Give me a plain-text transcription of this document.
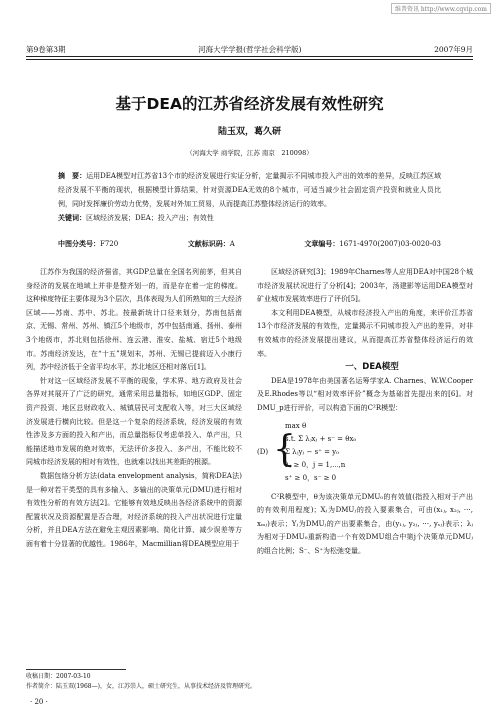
维普资讯 http://www.cqvip.com
第9卷第3期	河海大学学报(哲学社会科学版)	2007年9月
基于DEA的江苏省经济发展有效性研究
陆玉双，葛久研
（河海大学 商学院，江苏 南京　210098）
摘　要：运用DEA模型对江苏省13个市的经济发展进行实证分析，定量揭示不同城市投入产出的效率的差异，反映江苏区域经济发展不平衡的现状，根据模型计算结果，针对资源DEA无效的8个城市，可适当减少社会固定资产投资和就业人员比例，同时发挥廉价劳动力优势，发展对外加工贸易，从而提高江苏整体经济运行的效率。
关键词：区域经济发展；DEA；投入产出；有效性
中图分类号：F720	文献标识码：A	文章编号：1671-4970(2007)03-0020-03

江苏作为我国的经济强省，其GDP总量在全国名列前茅，但其自身经济的发展在地域上并非是整齐划一的，而是存在着一定的梯度。这种梯度特征主要体现为3个层次，具体表现为人们所熟知的三大经济区域——苏南、苏中、苏北。按最新统计口径来划分，苏南包括南京、无锡、常州、苏州、镇江5个地级市，苏中包括南通、扬州、泰州3个地级市，苏北则包括徐州、连云港、淮安、盐城、宿迁5个地级市。苏南经济发达，在“十五”规划末，苏州、无锡已提前迈入小康行列，苏中经济低于全省平均水平，苏北地区还相对落后[1]。

针对这一区域经济发展不平衡的现象，学术界、地方政府及社会各界对其展开了广泛的研究，通常采用总量指标，如地区GDP、固定资产投资、地区总财政收入、城镇居民可支配收入等，对三大区域经济发展进行横向比较。但是这一个复杂的经济系统，经济发展的有效性涉及多方面的投入和产出，而总量指标仅考虑单投入、单产出，只能描述地市发展的绝对效率，无法评价多投入、多产出，不能比较不同城市经济发展的相对有效性，也就难以找出其差距的根源。

数据包络分析方法(data envelopment analysis，简称DEA法)是一种对若干类型的具有多输入、多输出的决策单元(DMU)进行相对有效性分析的有效方法[2]。它能够有效地反映出各经济系统中的资源配置状况及资源配置是否合理，对经济系统的投入产出状况进行定量分析，并且DEA方法在避免主观因素影响、简化计算、减少误差等方面有着十分显著的优越性。1986年，Macmillian将DEA模型应用于

区域经济研究[3]；1989年Charnes等人应用DEA对中国28个城市经济发展状况进行了分析[4]；2003年，汤建影等运用DEA模型对矿业城市发展效率进行了评价[5]。

本文利用DEA模型，从城市经济投入产出的角度，来评价江苏省13个市经济发展的有效性，定量揭示不同城市投入产出的差异，对非有效城市的经济发展提出建议，从而提高江苏省整体经济运行的效率。

一、DEA模型

DEA是1978年由美国著名运筹学家A. Charnes、W.W.Cooper及E.Rhodes等以“相对效率评价”概念为基础首先提出来的[6]。对DMU_p进行评价，可以构造下面的C²R模型：

(D) {
max θ
s.t. Σ λⱼxⱼ + s⁻ = θx₀
Σ λⱼyⱼ − s⁺ = y₀
λⱼ ≥ 0，j = 1,⋯,n
s⁺ ≥ 0，s⁻ ≥ 0

C²R模型中，θ为该决策单元DMU₀的有效值(指投入相对于产出的有效利用程度)；Xⱼ为DMUⱼ的投入要素集合，可由(x₁ⱼ, x₂ⱼ, ⋯, xₘⱼ)表示；Yⱼ为DMUⱼ的产出要素集合，由(y₁ⱼ, y₂ⱼ, ⋯, yₛⱼ)表示；λⱼ为相对于DMU₀重新构造一个有效DMU组合中第j个决策单元DMUⱼ的组合比例；S⁻、S⁺为松弛变量。

收稿日期：2007-03-10
作者简介：陆玉双(1968—)，女，江苏崇人，硕士研究生，从事技术经济及管理研究。
· 20 ·
